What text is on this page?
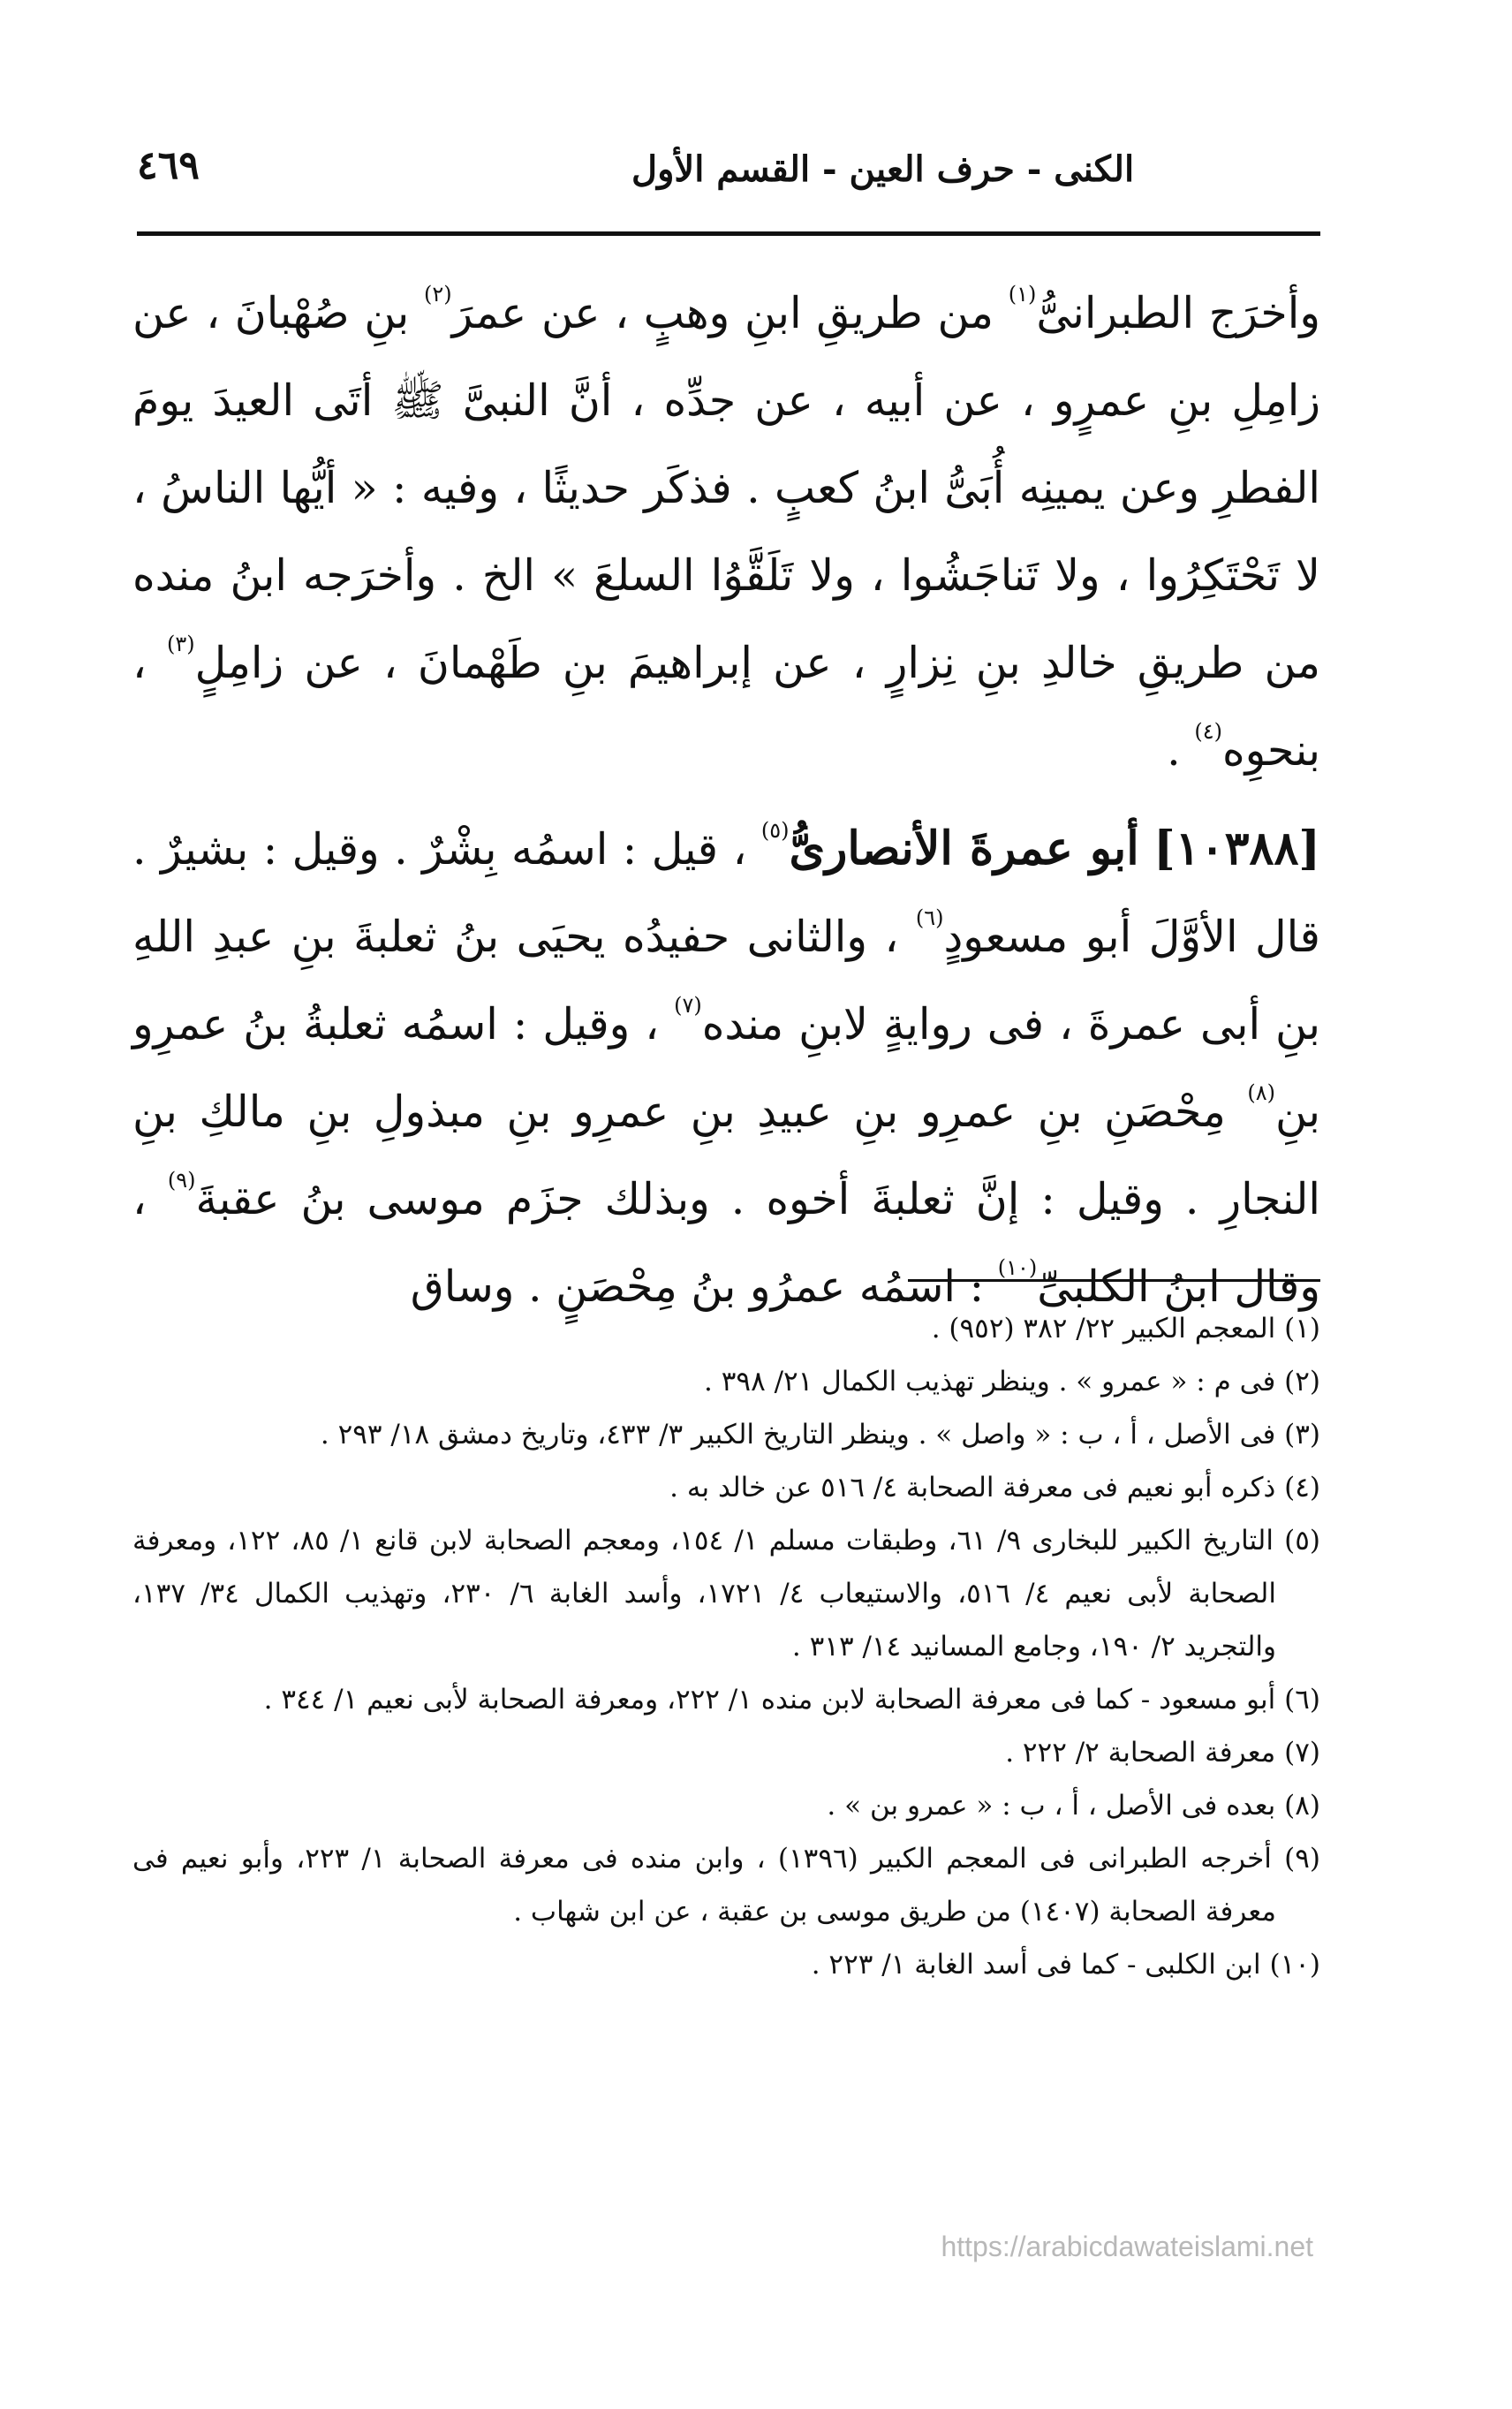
٤٦٩	الكنى - حرف العين - القسم الأول

وأخرَج الطبرانىُّ$^{(١)}$ من طريقِ ابنِ وهبٍ ، عن عمرَ$^{(٢)}$ بنِ صُهْبانَ ، عن زامِلِ بنِ عمرٍو ، عن أبيه ، عن جدِّه ، أنَّ النبىَّ ﷺ أتَى العيدَ يومَ الفطرِ وعن يمينِه أُبَىُّ ابنُ كعبٍ . فذكَر حديثًا ، وفيه : « أيُّها الناسُ ، لا تَحْتَكِرُوا ، ولا تَناجَشُوا ، ولا تَلَقَّوُا السلعَ » الخ . وأخرَجه ابنُ منده من طريقِ خالدِ بنِ نِزارٍ ، عن إبراهيمَ بنِ طَهْمانَ ، عن زامِلٍ$^{(٣)}$ ، بنحوِه$^{(٤)}$ .

[١٠٣٨٨] أبو عمرةَ الأنصارىُّ$^{(٥)}$ ، قيل : اسمُه بِشْرٌ . وقيل : بشيرٌ . قال الأوَّلَ أبو مسعودٍ$^{(٦)}$ ، والثانى حفيدُه يحيَى بنُ ثعلبةَ بنِ عبدِ اللهِ بنِ أبى عمرةَ ، فى روايةٍ لابنِ منده$^{(٧)}$ ، وقيل : اسمُه ثعلبةُ بنُ عمرِو بنِ$^{(٨)}$ مِحْصَنِ بنِ عمرِو بنِ عبيدِ بنِ عمرِو بنِ مبذولِ بنِ مالكِ بنِ النجارِ . وقيل : إنَّ ثعلبةَ أخوه . وبذلك جزَم موسى بنُ عقبةَ$^{(٩)}$ ، وقال ابنُ الكلبىِّ$^{(١٠)}$ : اسمُه عمرُو بنُ مِحْصَنٍ . وساق

(١) المعجم الكبير ٢٢/ ٣٨٢ (٩٥٢) .

(٢) فى م : « عمرو » . وينظر تهذيب الكمال ٢١/ ٣٩٨ .

(٣) فى الأصل ، أ ، ب : « واصل » . وينظر التاريخ الكبير ٣/ ٤٣٣، وتاريخ دمشق ١٨/ ٢٩٣ .

(٤) ذكره أبو نعيم فى معرفة الصحابة ٤/ ٥١٦ عن خالد به .

(٥) التاريخ الكبير للبخارى ٩/ ٦١، وطبقات مسلم ١/ ١٥٤، ومعجم الصحابة لابن قانع ١/ ٨٥، ١٢٢، ومعرفة الصحابة لأبى نعيم ٤/ ٥١٦، والاستيعاب ٤/ ١٧٢١، وأسد الغابة ٦/ ٢٣٠، وتهذيب الكمال ٣٤/ ١٣٧، والتجريد ٢/ ١٩٠، وجامع المسانيد ١٤/ ٣١٣ .

(٦) أبو مسعود - كما فى معرفة الصحابة لابن منده ١/ ٢٢٢، ومعرفة الصحابة لأبى نعيم ١/ ٣٤٤ .

(٧) معرفة الصحابة ٢/ ٢٢٢ .

(٨) بعده فى الأصل ، أ ، ب : « عمرو بن » .

(٩) أخرجه الطبرانى فى المعجم الكبير (١٣٩٦) ، وابن منده فى معرفة الصحابة ١/ ٢٢٣، وأبو نعيم فى معرفة الصحابة (١٤٠٧) من طريق موسى بن عقبة ، عن ابن شهاب .

(١٠) ابن الكلبى - كما فى أسد الغابة ١/ ٢٢٣ .

https://arabicdawateislami.net
